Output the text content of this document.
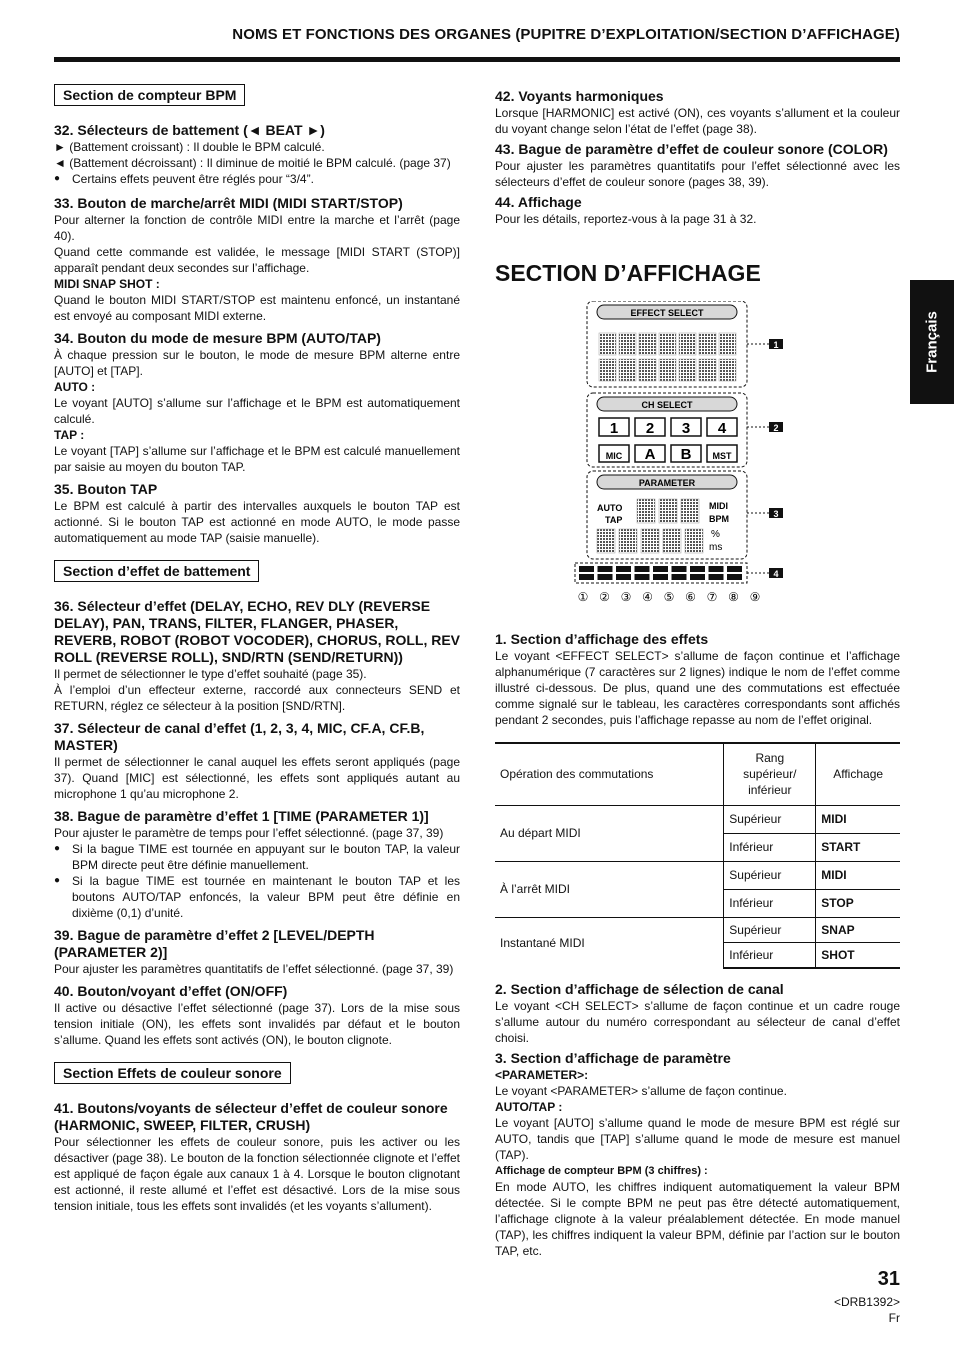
NOMS ET FONCTIONS DES ORGANES (PUPITRE D’EXPLOITATION/SECTION D’AFFICHAGE)
Français
Section de compteur BPM
32. Sélecteurs de battement (◄ BEAT ►)

► (Battement croissant) : Il double le BPM calculé.

◄ (Battement décroissant) : Il diminue de moitié le BPM calculé. (page 37)

● Certains effets peuvent être réglés pour “3/4”.

33. Bouton de marche/arrêt MIDI (MIDI START/STOP)

Pour alterner la fonction de contrôle MIDI entre la marche et l’arrêt (page 40).

Quand cette commande est validée, le message [MIDI START (STOP)] apparaît pendant deux secondes sur l’affichage.

MIDI SNAP SHOT :

Quand le bouton MIDI START/STOP est maintenu enfoncé, un instantané est envoyé au composant MIDI externe.

34. Bouton du mode de mesure BPM (AUTO/TAP)

À chaque pression sur le bouton, le mode de mesure BPM alterne entre [AUTO] et [TAP].

AUTO :

Le voyant [AUTO] s’allume sur l’affichage et le BPM est automatiquement calculé.

TAP :

Le voyant [TAP] s’allume sur l’affichage et le BPM est calculé manuellement par saisie au moyen du bouton TAP.

35. Bouton TAP

Le BPM est calculé à partir des intervalles auxquels le bouton TAP est actionné. Si le bouton TAP est actionné en mode AUTO, le mode passe automatiquement au mode TAP (saisie manuelle).

Section d’effet de battement
36. Sélecteur d’effet (DELAY, ECHO, REV DLY (REVERSE DELAY), PAN, TRANS, FILTER, FLANGER, PHASER, REVERB, ROBOT (ROBOT VOCODER), CHORUS, ROLL, REV ROLL (REVERSE ROLL), SND/RTN (SEND/RETURN))

Il permet de sélectionner le type d’effet souhaité (page 35).

À l’emploi d’un effecteur externe, raccordé aux connecteurs SEND et RETURN, réglez ce sélecteur à la position [SND/RTN].

37. Sélecteur de canal d’effet (1, 2, 3, 4, MIC, CF.A, CF.B, MASTER)

Il permet de sélectionner le canal auquel les effets seront appliqués (page 37). Quand [MIC] est sélectionné, les effets sont appliqués autant au microphone 1 qu’au microphone 2.

38. Bague de paramètre d’effet 1 [TIME (PARAMETER 1)]

Pour ajuster le paramètre de temps pour l’effet sélectionné. (page 37, 39)

● Si la bague TIME est tournée en appuyant sur le bouton TAP, la valeur BPM directe peut être définie manuellement.

● Si la bague TIME est tournée en maintenant le bouton TAP et les boutons AUTO/TAP enfoncés, la valeur BPM peut être définie en dixième (0,1) d’unité.

39. Bague de paramètre d’effet 2 [LEVEL/DEPTH (PARAMETER 2)]

Pour ajuster les paramètres quantitatifs de l’effet sélectionné. (page 37, 39)

40. Bouton/voyant d’effet (ON/OFF)

Il active ou désactive l’effet sélectionné (page 37). Lors de la mise sous tension initiale (ON), les effets sont invalidés par défaut et le bouton s’allume. Quand les effets sont activés (ON), le bouton clignote.

Section Effets de couleur sonore
41. Boutons/voyants de sélecteur d’effet de couleur sonore (HARMONIC, SWEEP, FILTER, CRUSH)

Pour sélectionner les effets de couleur sonore, puis les activer ou les désactiver (page 38). Le bouton de la fonction sélectionnée clignote et l’effet est appliqué de façon égale aux canaux 1 à 4. Lorsque le bouton clignotant est actionné, il reste allumé et l’effet est désactivé. Lors de la mise sous tension initiale, tous les effets sont invalidés (et les voyants s’allument).

42. Voyants harmoniques

Lorsque [HARMONIC] est activé (ON), ces voyants s’allument et la couleur du voyant change selon l’état de l’effet (page 38).

43. Bague de paramètre d’effet de couleur sonore (COLOR)

Pour ajuster les paramètres quantitatifs pour l’effet sélectionné avec les sélecteurs d’effet de couleur sonore (pages 38, 39).

44. Affichage

Pour les détails, reportez-vous à la page 31 à 32.

SECTION D’AFFICHAGE
EFFECT SELECT
CH SELECT
1 2 3 4
MIC A B MST
PARAMETER
AUTO
TAP
MIDI
BPM
%
ms
1
2
3
4
① ② ③ ④ ⑤ ⑥ ⑦ ⑧ ⑨
1. Section d’affichage des effets

Le voyant <EFFECT SELECT> s’allume de façon continue et l’affichage alphanumérique (7 caractères sur 2 lignes) indique le nom de l’effet comme illustré ci-dessous. De plus, quand une des commutations est effectuée comme signalé sur le tableau, les caractères correspondants sont affichés pendant 2 secondes, puis l’affichage repasse au nom de l’effet original.

Opération des commutations	Rang supérieur/ inférieur	Affichage
Au départ MIDI	Supérieur	MIDI
	Inférieur	START
À l’arrêt MIDI	Supérieur	MIDI
	Inférieur	STOP
Instantané MIDI	Supérieur	SNAP
	Inférieur	SHOT
2. Section d’affichage de sélection de canal

Le voyant <CH SELECT> s’allume de façon continue et un cadre rouge s’allume autour du numéro correspondant au sélecteur de canal d’effet choisi.

3. Section d’affichage de paramètre

<PARAMETER>:

Le voyant <PARAMETER> s’allume de façon continue.

AUTO/TAP :

Le voyant [AUTO] s’allume quand le mode de mesure BPM est réglé sur AUTO, tandis que [TAP] s’allume quand le mode de mesure est manuel (TAP).

Affichage de compteur BPM (3 chiffres) :

En mode AUTO, les chiffres indiquent automatiquement la valeur BPM détectée. Si le compte BPM ne peut pas être détecté automatiquement, l’affichage clignote à la valeur préalablement détectée. En mode manuel (TAP), les chiffres indiquent la valeur BPM, définie par l’action sur le bouton TAP, etc.

31
<DRB1392>
Fr
